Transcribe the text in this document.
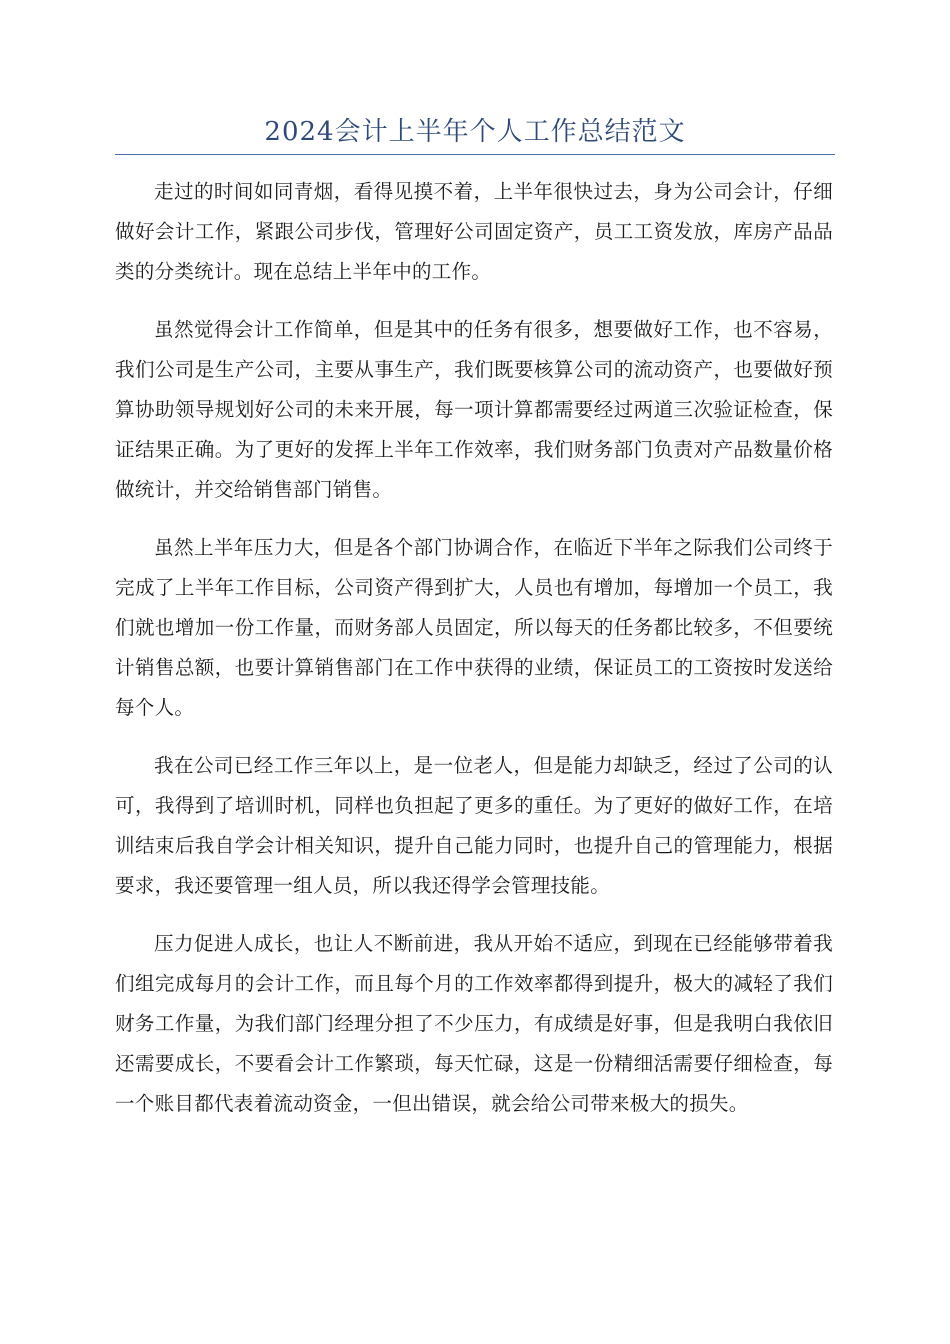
2024会计上半年个人工作总结范文

走过的时间如同青烟，看得见摸不着，上半年很快过去，身为公司会计，仔细做好会计工作，紧跟公司步伐，管理好公司固定资产，员工工资发放，库房产品品类的分类统计。现在总结上半年中的工作。

虽然觉得会计工作简单，但是其中的任务有很多，想要做好工作，也不容易，我们公司是生产公司，主要从事生产，我们既要核算公司的流动资产，也要做好预算协助领导规划好公司的未来开展，每一项计算都需要经过两道三次验证检查，保证结果正确。为了更好的发挥上半年工作效率，我们财务部门负责对产品数量价格做统计，并交给销售部门销售。

虽然上半年压力大，但是各个部门协调合作，在临近下半年之际我们公司终于完成了上半年工作目标，公司资产得到扩大，人员也有增加，每增加一个员工，我们就也增加一份工作量，而财务部人员固定，所以每天的任务都比较多，不但要统计销售总额，也要计算销售部门在工作中获得的业绩，保证员工的工资按时发送给每个人。

我在公司已经工作三年以上，是一位老人，但是能力却缺乏，经过了公司的认可，我得到了培训时机，同样也负担起了更多的重任。为了更好的做好工作，在培训结束后我自学会计相关知识，提升自己能力同时，也提升自己的管理能力，根据要求，我还要管理一组人员，所以我还得学会管理技能。

压力促进人成长，也让人不断前进，我从开始不适应，到现在已经能够带着我们组完成每月的会计工作，而且每个月的工作效率都得到提升，极大的减轻了我们财务工作量，为我们部门经理分担了不少压力，有成绩是好事，但是我明白我依旧还需要成长，不要看会计工作繁琐，每天忙碌，这是一份精细活需要仔细检查，每一个账目都代表着流动资金，一但出错误，就会给公司带来极大的损失。
